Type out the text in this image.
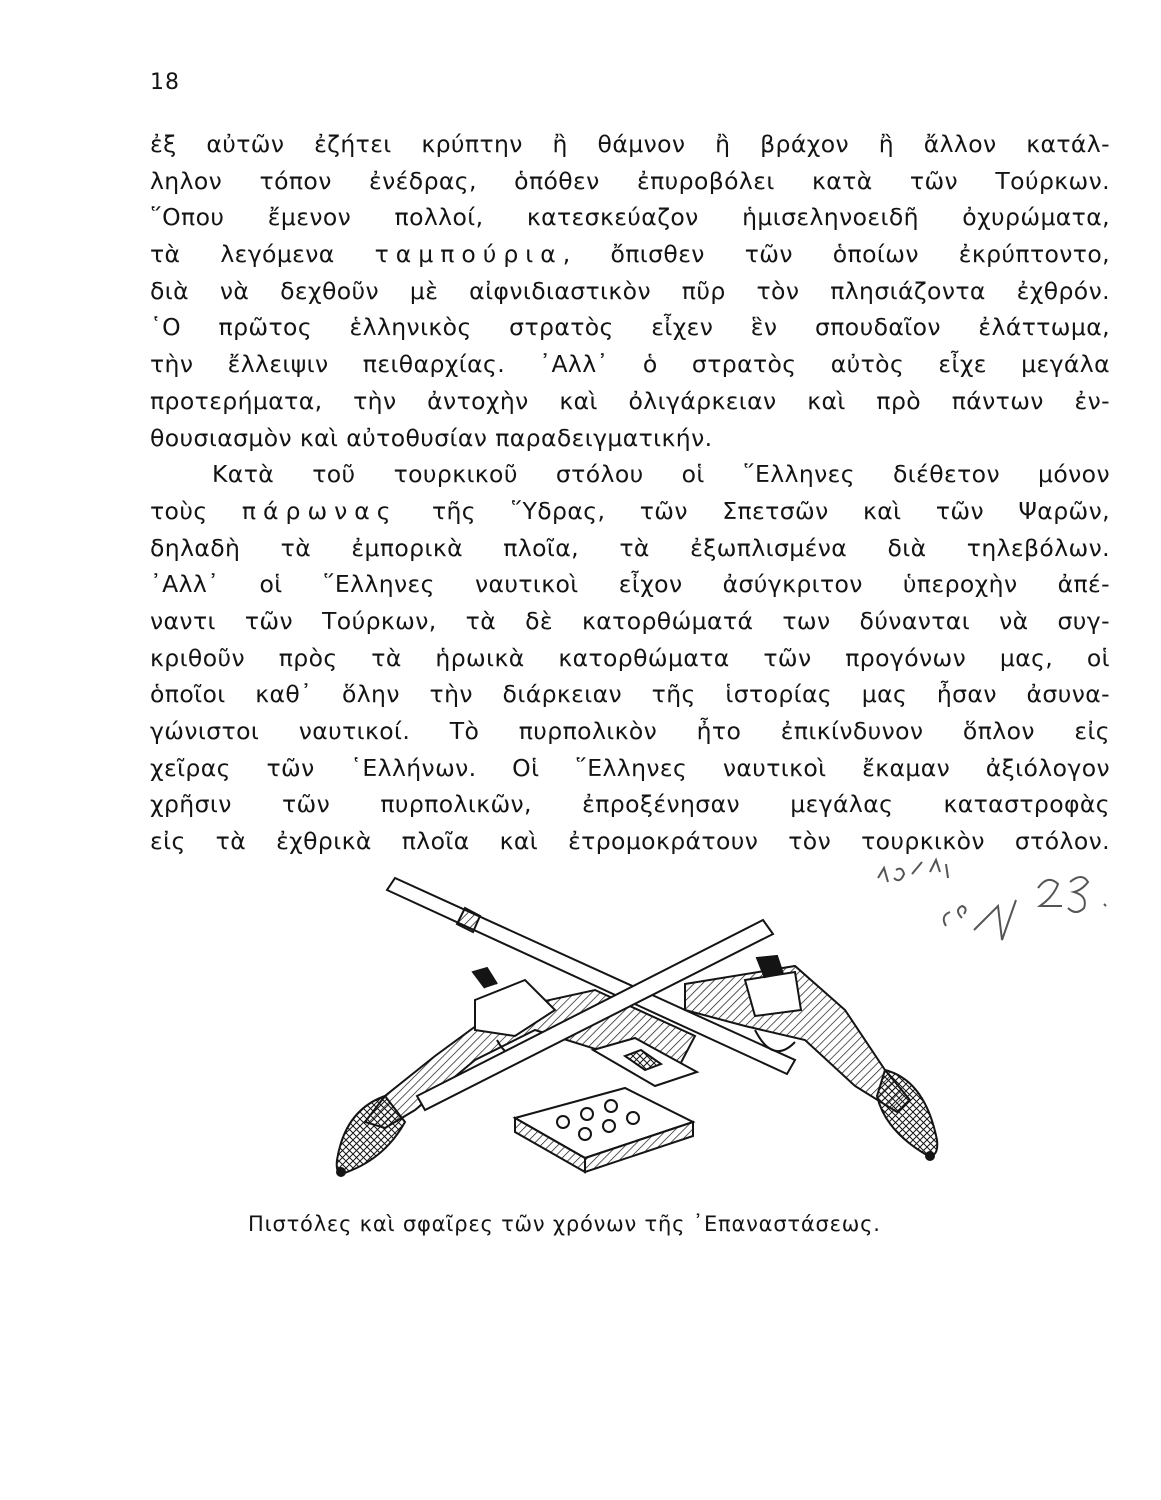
18
ἐξ αὐτῶν ἐζήτει κρύπτην ἢ θάμνον ἢ βράχον ἢ ἄλλον κατάλ-
ληλον τόπον ἐνέδρας, ὁπόθεν ἐπυροβόλει κατὰ τῶν Τούρκων.
῞Οπου ἔμενον πολλοί, κατεσκεύαζον ἡμισεληνοειδῆ ὀχυρώματα,
τὰ λεγόμενα ταμπούρια, ὄπισθεν τῶν ὁποίων ἐκρύπτοντο,
διὰ νὰ δεχθοῦν μὲ αἰφνιδιαστικὸν πῦρ τὸν πλησιάζοντα ἐχθρόν.
῾Ο πρῶτος ἑλληνικὸς στρατὸς εἶχεν ἓν σπουδαῖον ἐλάττωμα,
τὴν ἔλλειψιν πειθαρχίας. ᾿Αλλ᾿ ὁ στρατὸς αὐτὸς εἶχε μεγάλα
προτερήματα, τὴν ἀντοχὴν καὶ ὀλιγάρκειαν καὶ πρὸ πάντων ἐν-
θουσιασμὸν καὶ αὐτοθυσίαν παραδειγματικήν.
Κατὰ τοῦ τουρκικοῦ στόλου οἱ ῞Ελληνες διέθετον μόνον
τοὺς πάρωνας τῆς ῞Υδρας, τῶν Σπετσῶν καὶ τῶν Ψαρῶν,
δηλαδὴ τὰ ἐμπορικὰ πλοῖα, τὰ ἐξωπλισμένα διὰ τηλεβόλων.
᾿Αλλ᾿ οἱ ῞Ελληνες ναυτικοὶ εἶχον ἀσύγκριτον ὑπεροχὴν ἀπέ-
ναντι τῶν Τούρκων, τὰ δὲ κατορθώματά των δύνανται νὰ συγ-
κριθοῦν πρὸς τὰ ἡρωικὰ κατορθώματα τῶν προγόνων μας, οἱ
ὁποῖοι καθ᾿ ὅλην τὴν διάρκειαν τῆς ἱστορίας μας ἦσαν ἀσυνα-
γώνιστοι ναυτικοί. Τὸ πυρπολικὸν ἦτο ἐπικίνδυνον ὅπλον εἰς
χεῖρας τῶν ῾Ελλήνων. Οἱ ῞Ελληνες ναυτικοὶ ἔκαμαν ἀξιόλογον
χρῆσιν τῶν πυρπολικῶν, ἐπροξένησαν μεγάλας καταστροφὰς
εἰς τὰ ἐχθρικὰ πλοῖα καὶ ἐτρομοκράτουν τὸν τουρκικὸν στόλον.
Πιστόλες καὶ σφαῖρες τῶν χρόνων τῆς ᾿Επαναστάσεως.
